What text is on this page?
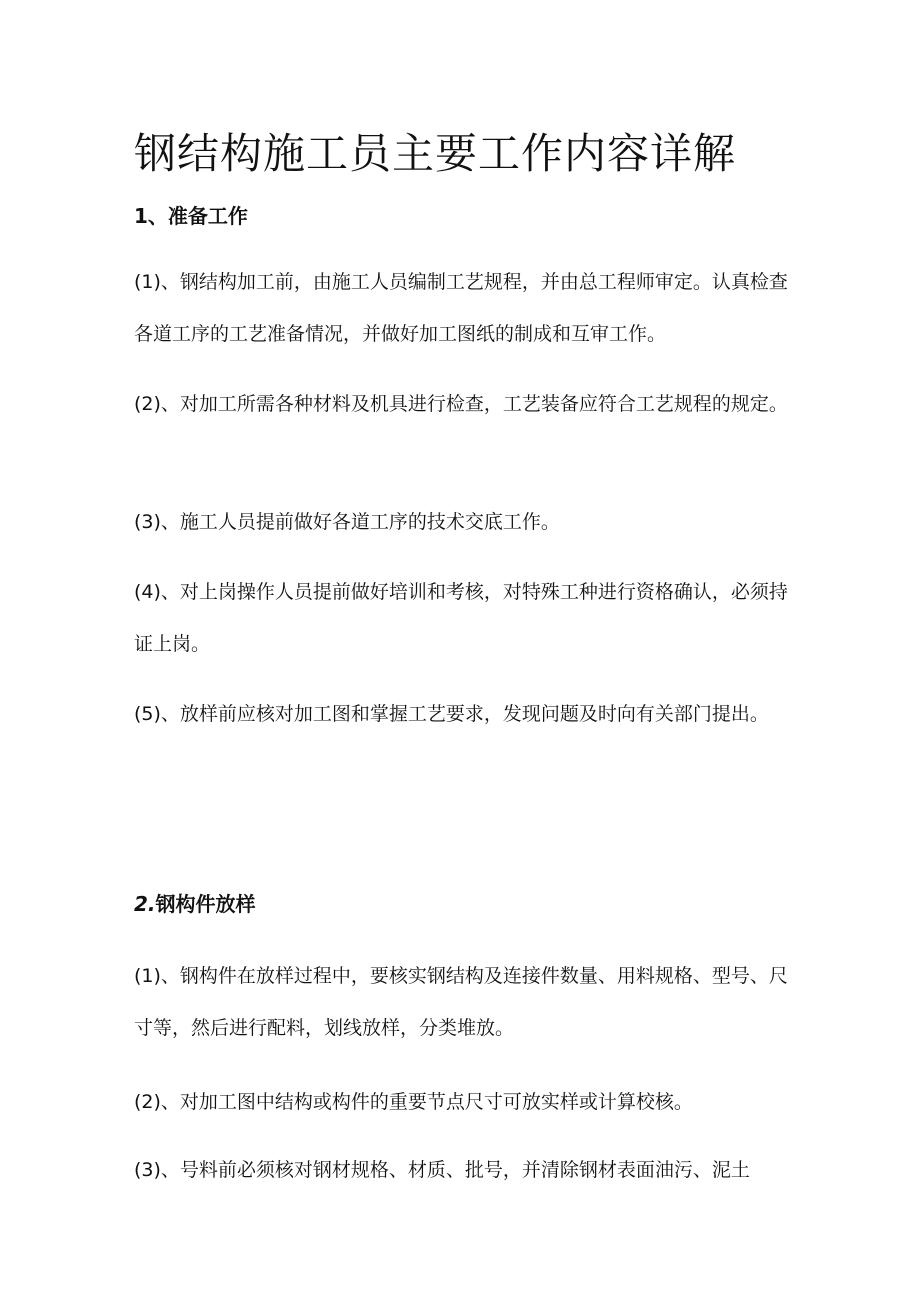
钢结构施工员主要工作内容详解
1、准备工作

(1)、钢结构加工前，由施工人员编制工艺规程，并由总工程师审定。认真检查各道工序的工艺准备情况，并做好加工图纸的制成和互审工作。

(2)、对加工所需各种材料及机具进行检查，工艺装备应符合工艺规程的规定。

(3)、施工人员提前做好各道工序的技术交底工作。

(4)、对上岗操作人员提前做好培训和考核，对特殊工种进行资格确认，必须持证上岗。

(5)、放样前应核对加工图和掌握工艺要求，发现问题及时向有关部门提出。

2.钢构件放样

(1)、钢构件在放样过程中，要核实钢结构及连接件数量、用料规格、型号、尺寸等，然后进行配料，划线放样，分类堆放。

(2)、对加工图中结构或构件的重要节点尺寸可放实样或计算校核。

(3)、号料前必须核对钢材规格、材质、批号，并清除钢材表面油污、泥土
